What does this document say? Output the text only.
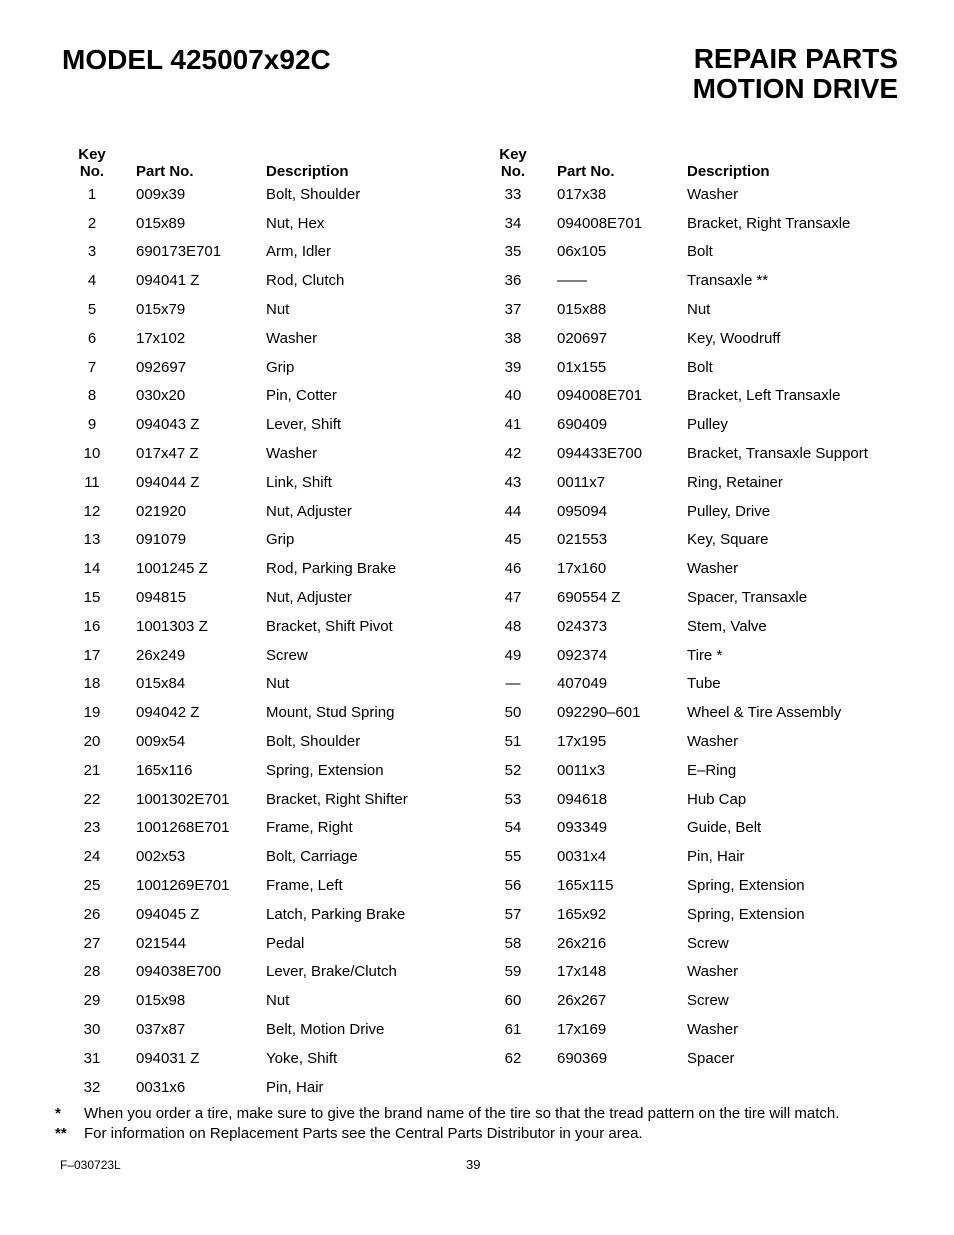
MODEL 425007x92C	REPAIR PARTS
MOTION DRIVE
Key
No.	Part No.	Description
1	009x39	Bolt, Shoulder
2	015x89	Nut, Hex
3	690173E701	Arm, Idler
4	094041 Z	Rod, Clutch
5	015x79	Nut
6	17x102	Washer
7	092697	Grip
8	030x20	Pin, Cotter
9	094043 Z	Lever, Shift
10	017x47 Z	Washer
11	094044 Z	Link, Shift
12	021920	Nut, Adjuster
13	091079	Grip
14	1001245 Z	Rod, Parking Brake
15	094815	Nut, Adjuster
16	1001303 Z	Bracket, Shift Pivot
17	26x249	Screw
18	015x84	Nut
19	094042 Z	Mount, Stud Spring
20	009x54	Bolt, Shoulder
21	165x116	Spring, Extension
22	1001302E701	Bracket, Right Shifter
23	1001268E701	Frame, Right
24	002x53	Bolt, Carriage
25	1001269E701	Frame, Left
26	094045 Z	Latch, Parking Brake
27	021544	Pedal
28	094038E700	Lever, Brake/Clutch
29	015x98	Nut
30	037x87	Belt, Motion Drive
31	094031 Z	Yoke, Shift
32	0031x6	Pin, Hair
Key
No.	Part No.	Description
33	017x38	Washer
34	094008E701	Bracket, Right Transaxle
35	06x105	Bolt
36	——	Transaxle **
37	015x88	Nut
38	020697	Key, Woodruff
39	01x155	Bolt
40	094008E701	Bracket, Left Transaxle
41	690409	Pulley
42	094433E700	Bracket, Transaxle Support
43	0011x7	Ring, Retainer
44	095094	Pulley, Drive
45	021553	Key, Square
46	17x160	Washer
47	690554 Z	Spacer, Transaxle
48	024373	Stem, Valve
49	092374	Tire *
—	407049	Tube
50	092290–601	Wheel & Tire Assembly
51	17x195	Washer
52	0011x3	E–Ring
53	094618	Hub Cap
54	093349	Guide, Belt
55	0031x4	Pin, Hair
56	165x115	Spring, Extension
57	165x92	Spring, Extension
58	26x216	Screw
59	17x148	Washer
60	26x267	Screw
61	17x169	Washer
62	690369	Spacer
*	When you order a tire, make sure to give the brand name of the tire so that the tread pattern on the tire will match.
**	For information on Replacement Parts see the Central Parts Distributor in your area.
F–030723L	39
